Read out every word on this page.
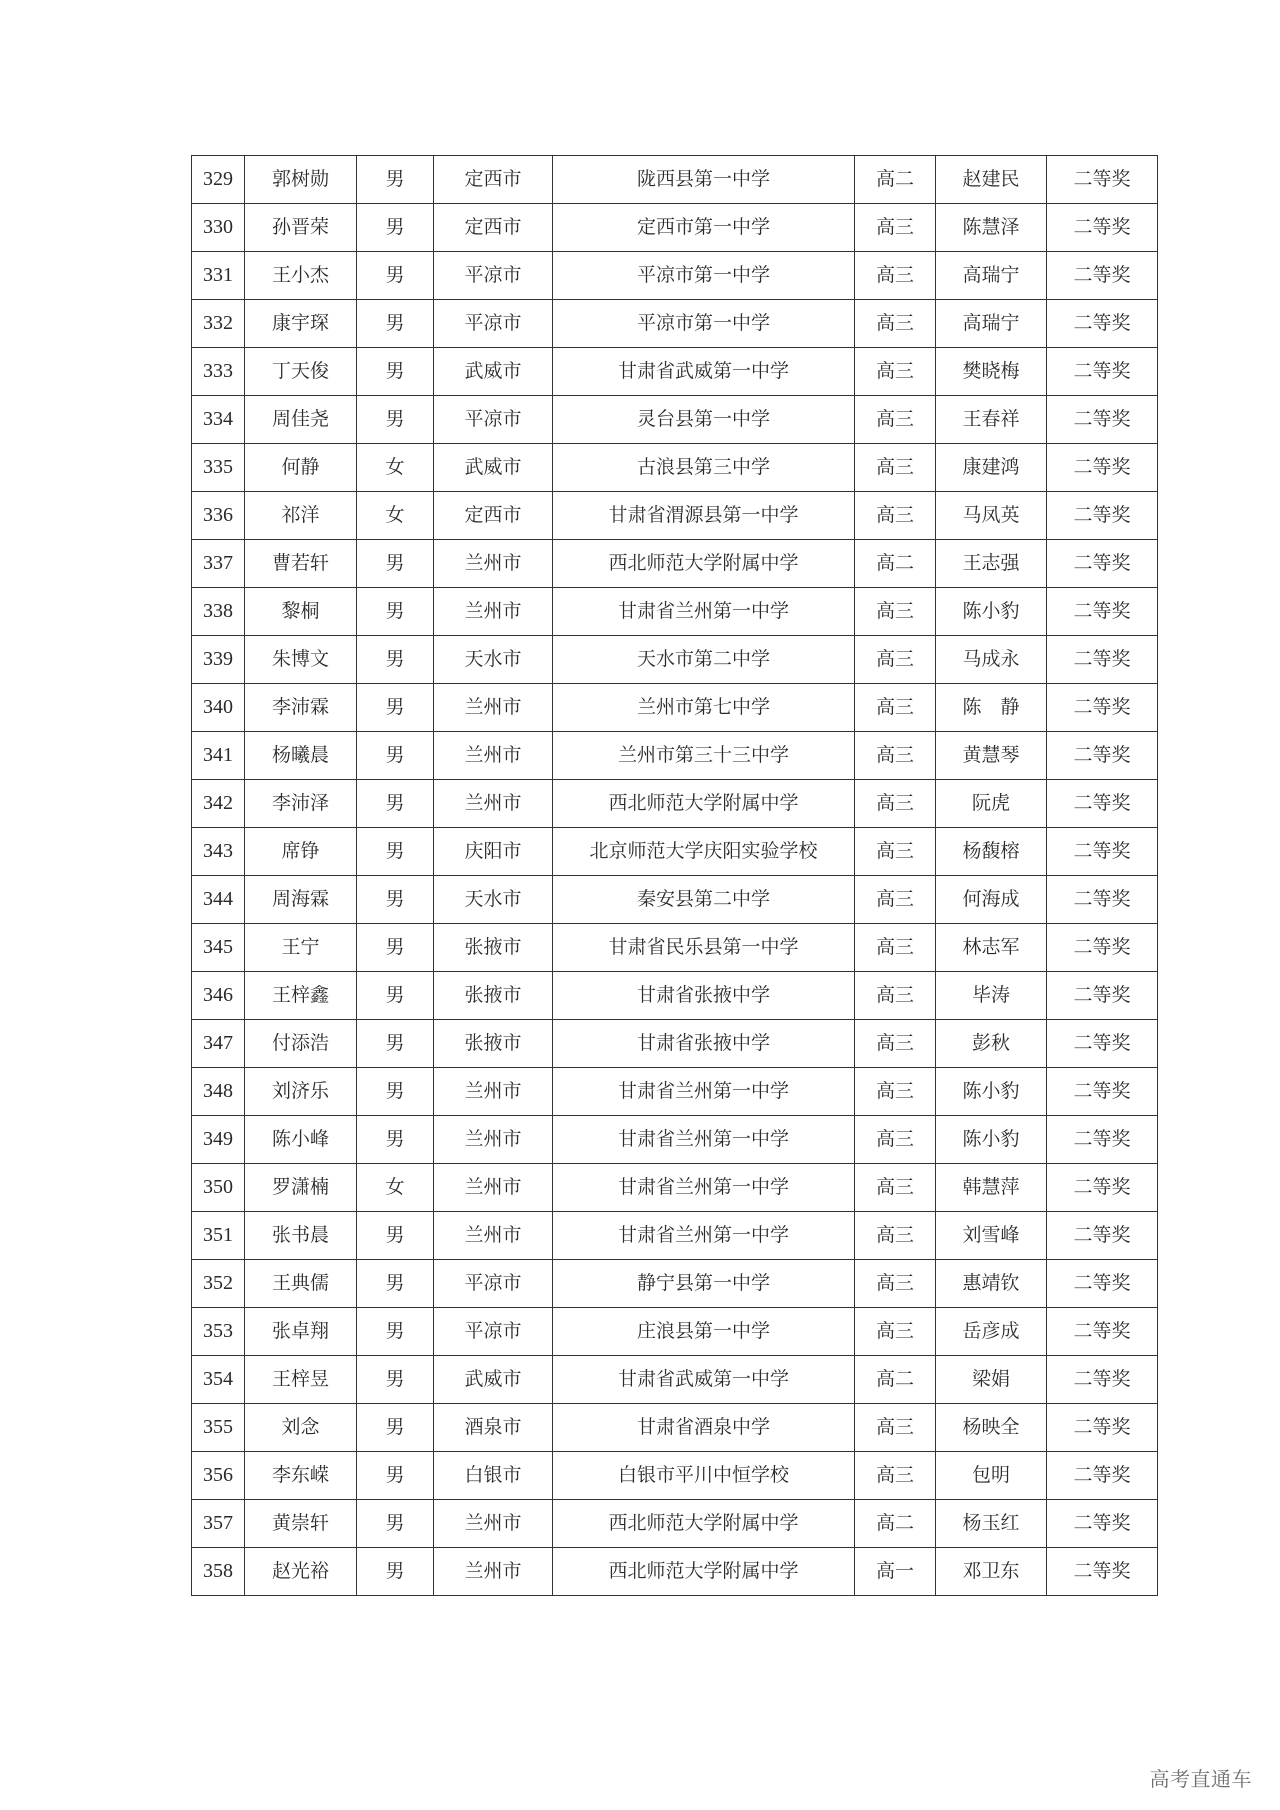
329	郭树勋	男	定西市	陇西县第一中学	高二	赵建民	二等奖
330	孙晋荣	男	定西市	定西市第一中学	高三	陈慧泽	二等奖
331	王小杰	男	平凉市	平凉市第一中学	高三	高瑞宁	二等奖
332	康宇琛	男	平凉市	平凉市第一中学	高三	高瑞宁	二等奖
333	丁天俊	男	武威市	甘肃省武威第一中学	高三	樊晓梅	二等奖
334	周佳尧	男	平凉市	灵台县第一中学	高三	王春祥	二等奖
335	何静	女	武威市	古浪县第三中学	高三	康建鸿	二等奖
336	祁洋	女	定西市	甘肃省渭源县第一中学	高三	马凤英	二等奖
337	曹若轩	男	兰州市	西北师范大学附属中学	高二	王志强	二等奖
338	黎桐	男	兰州市	甘肃省兰州第一中学	高三	陈小豹	二等奖
339	朱博文	男	天水市	天水市第二中学	高三	马成永	二等奖
340	李沛霖	男	兰州市	兰州市第七中学	高三	陈　静	二等奖
341	杨曦晨	男	兰州市	兰州市第三十三中学	高三	黄慧琴	二等奖
342	李沛泽	男	兰州市	西北师范大学附属中学	高三	阮虎	二等奖
343	席铮	男	庆阳市	北京师范大学庆阳实验学校	高三	杨馥榕	二等奖
344	周海霖	男	天水市	秦安县第二中学	高三	何海成	二等奖
345	王宁	男	张掖市	甘肃省民乐县第一中学	高三	林志军	二等奖
346	王梓鑫	男	张掖市	甘肃省张掖中学	高三	毕涛	二等奖
347	付添浩	男	张掖市	甘肃省张掖中学	高三	彭秋	二等奖
348	刘济乐	男	兰州市	甘肃省兰州第一中学	高三	陈小豹	二等奖
349	陈小峰	男	兰州市	甘肃省兰州第一中学	高三	陈小豹	二等奖
350	罗潇楠	女	兰州市	甘肃省兰州第一中学	高三	韩慧萍	二等奖
351	张书晨	男	兰州市	甘肃省兰州第一中学	高三	刘雪峰	二等奖
352	王典儒	男	平凉市	静宁县第一中学	高三	惠靖钦	二等奖
353	张卓翔	男	平凉市	庄浪县第一中学	高三	岳彦成	二等奖
354	王梓昱	男	武威市	甘肃省武威第一中学	高二	梁娟	二等奖
355	刘念	男	酒泉市	甘肃省酒泉中学	高三	杨映全	二等奖
356	李东嵘	男	白银市	白银市平川中恒学校	高三	包明	二等奖
357	黄崇轩	男	兰州市	西北师范大学附属中学	高二	杨玉红	二等奖
358	赵光裕	男	兰州市	西北师范大学附属中学	高一	邓卫东	二等奖
高考直通车
